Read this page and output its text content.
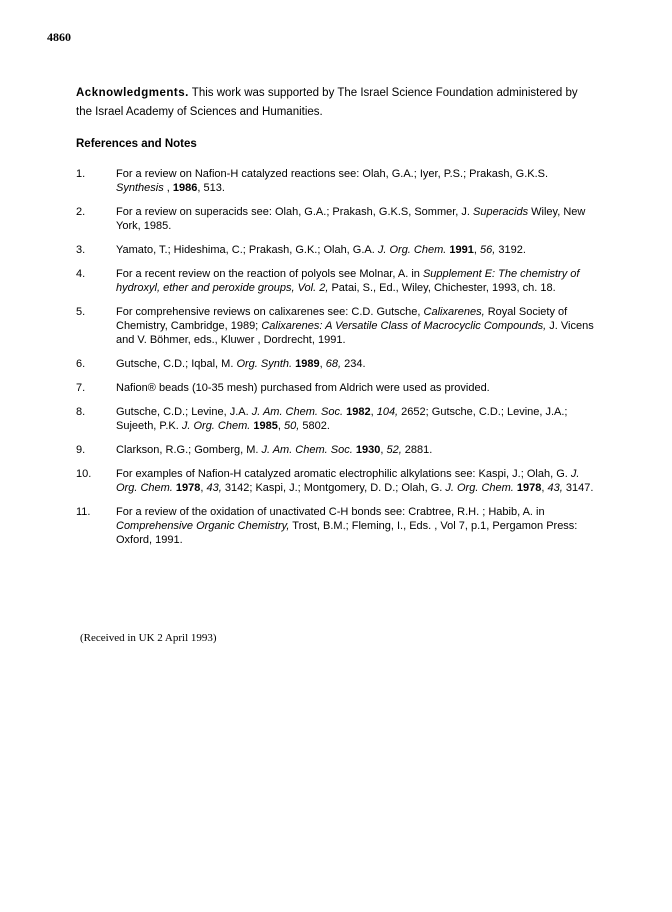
4860
Acknowledgments. This work was supported by The Israel Science Foundation administered by the Israel Academy of Sciences and Humanities.
References and Notes
1.	For a review on Nafion-H catalyzed reactions see: Olah, G.A.; Iyer, P.S.; Prakash, G.K.S. Synthesis , 1986, 513.
2.	For a review on superacids see: Olah, G.A.; Prakash, G.K.S, Sommer, J. Superacids Wiley, New York, 1985.
3.	Yamato, T.; Hideshima, C.; Prakash, G.K.; Olah, G.A. J. Org. Chem. 1991, 56, 3192.
4.	For a recent review on the reaction of polyols see Molnar, A. in Supplement E: The chemistry of hydroxyl, ether and peroxide groups, Vol. 2, Patai, S., Ed., Wiley, Chichester, 1993, ch. 18.
5.	For comprehensive reviews on calixarenes see: C.D. Gutsche, Calixarenes, Royal Society of Chemistry, Cambridge, 1989; Calixarenes: A Versatile Class of Macrocyclic Compounds, J. Vicens and V. Böhmer, eds., Kluwer , Dordrecht, 1991.
6.	Gutsche, C.D.; Iqbal, M. Org. Synth. 1989, 68, 234.
7.	Nafion® beads (10-35 mesh) purchased from Aldrich were used as provided.
8.	Gutsche, C.D.; Levine, J.A. J. Am. Chem. Soc. 1982, 104, 2652; Gutsche, C.D.; Levine, J.A.; Sujeeth, P.K. J. Org. Chem. 1985, 50, 5802.
9.	Clarkson, R.G.; Gomberg, M. J. Am. Chem. Soc. 1930, 52, 2881.
10.	For examples of Nafion-H catalyzed aromatic electrophilic alkylations see: Kaspi, J.; Olah, G. J. Org. Chem. 1978, 43, 3142; Kaspi, J.; Montgomery, D. D.; Olah, G. J. Org. Chem. 1978, 43, 3147.
11.	For a review of the oxidation of unactivated C-H bonds see: Crabtree, R.H. ; Habib, A. in Comprehensive Organic Chemistry, Trost, B.M.; Fleming, I., Eds. , Vol 7, p.1, Pergamon Press: Oxford, 1991.
(Received in UK 2 April 1993)
